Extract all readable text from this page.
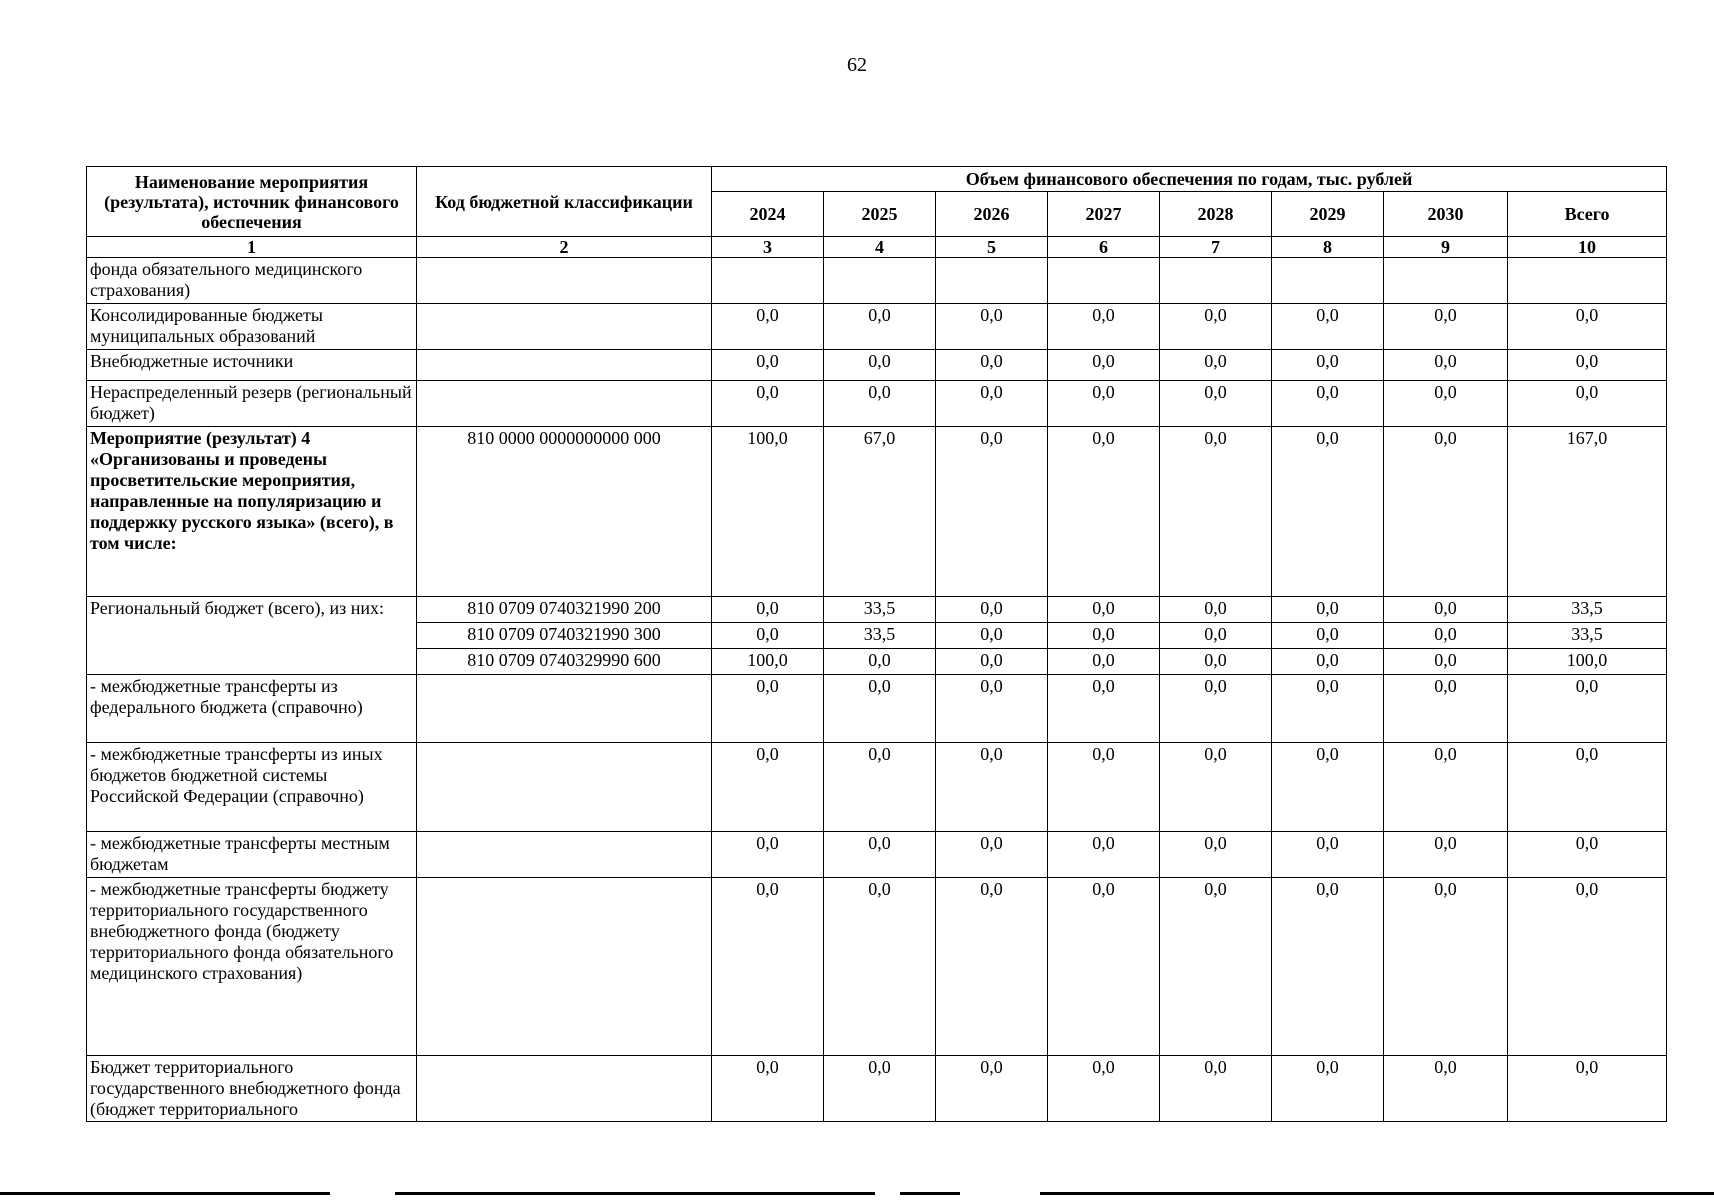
62
Наименование мероприятия (результата), источник финансового обеспечения	Код бюджетной классификации	Объем финансового обеспечения по годам, тыс. рублей							
		2024	2025	2026	2027	2028	2029	2030	Всего
1	2	3	4	5	6	7	8	9	10
фонда обязательного медицинского страхования)									
Консолидированные бюджеты муниципальных образований		0,0	0,0	0,0	0,0	0,0	0,0	0,0	0,0
Внебюджетные источники		0,0	0,0	0,0	0,0	0,0	0,0	0,0	0,0
Нераспределенный резерв (региональный бюджет)		0,0	0,0	0,0	0,0	0,0	0,0	0,0	0,0
Мероприятие (результат) 4 «Организованы и проведены просветительские мероприятия, направленные на популяризацию и поддержку русского языка» (всего), в том числе:	810 0000 0000000000 000	100,0	67,0	0,0	0,0	0,0	0,0	0,0	167,0
Региональный бюджет (всего), из них:	810 0709 0740321990 200	0,0	33,5	0,0	0,0	0,0	0,0	0,0	33,5
	810 0709 0740321990 300	0,0	33,5	0,0	0,0	0,0	0,0	0,0	33,5
	810 0709 0740329990 600	100,0	0,0	0,0	0,0	0,0	0,0	0,0	100,0
- межбюджетные трансферты из федерального бюджета (справочно)		0,0	0,0	0,0	0,0	0,0	0,0	0,0	0,0
- межбюджетные трансферты из иных бюджетов бюджетной системы Российской Федерации (справочно)		0,0	0,0	0,0	0,0	0,0	0,0	0,0	0,0
- межбюджетные трансферты местным бюджетам		0,0	0,0	0,0	0,0	0,0	0,0	0,0	0,0
- межбюджетные трансферты бюджету территориального государственного внебюджетного фонда (бюджету территориального фонда обязательного медицинского страхования)		0,0	0,0	0,0	0,0	0,0	0,0	0,0	0,0
Бюджет территориального государственного внебюджетного фонда (бюджет территориального		0,0	0,0	0,0	0,0	0,0	0,0	0,0	0,0
